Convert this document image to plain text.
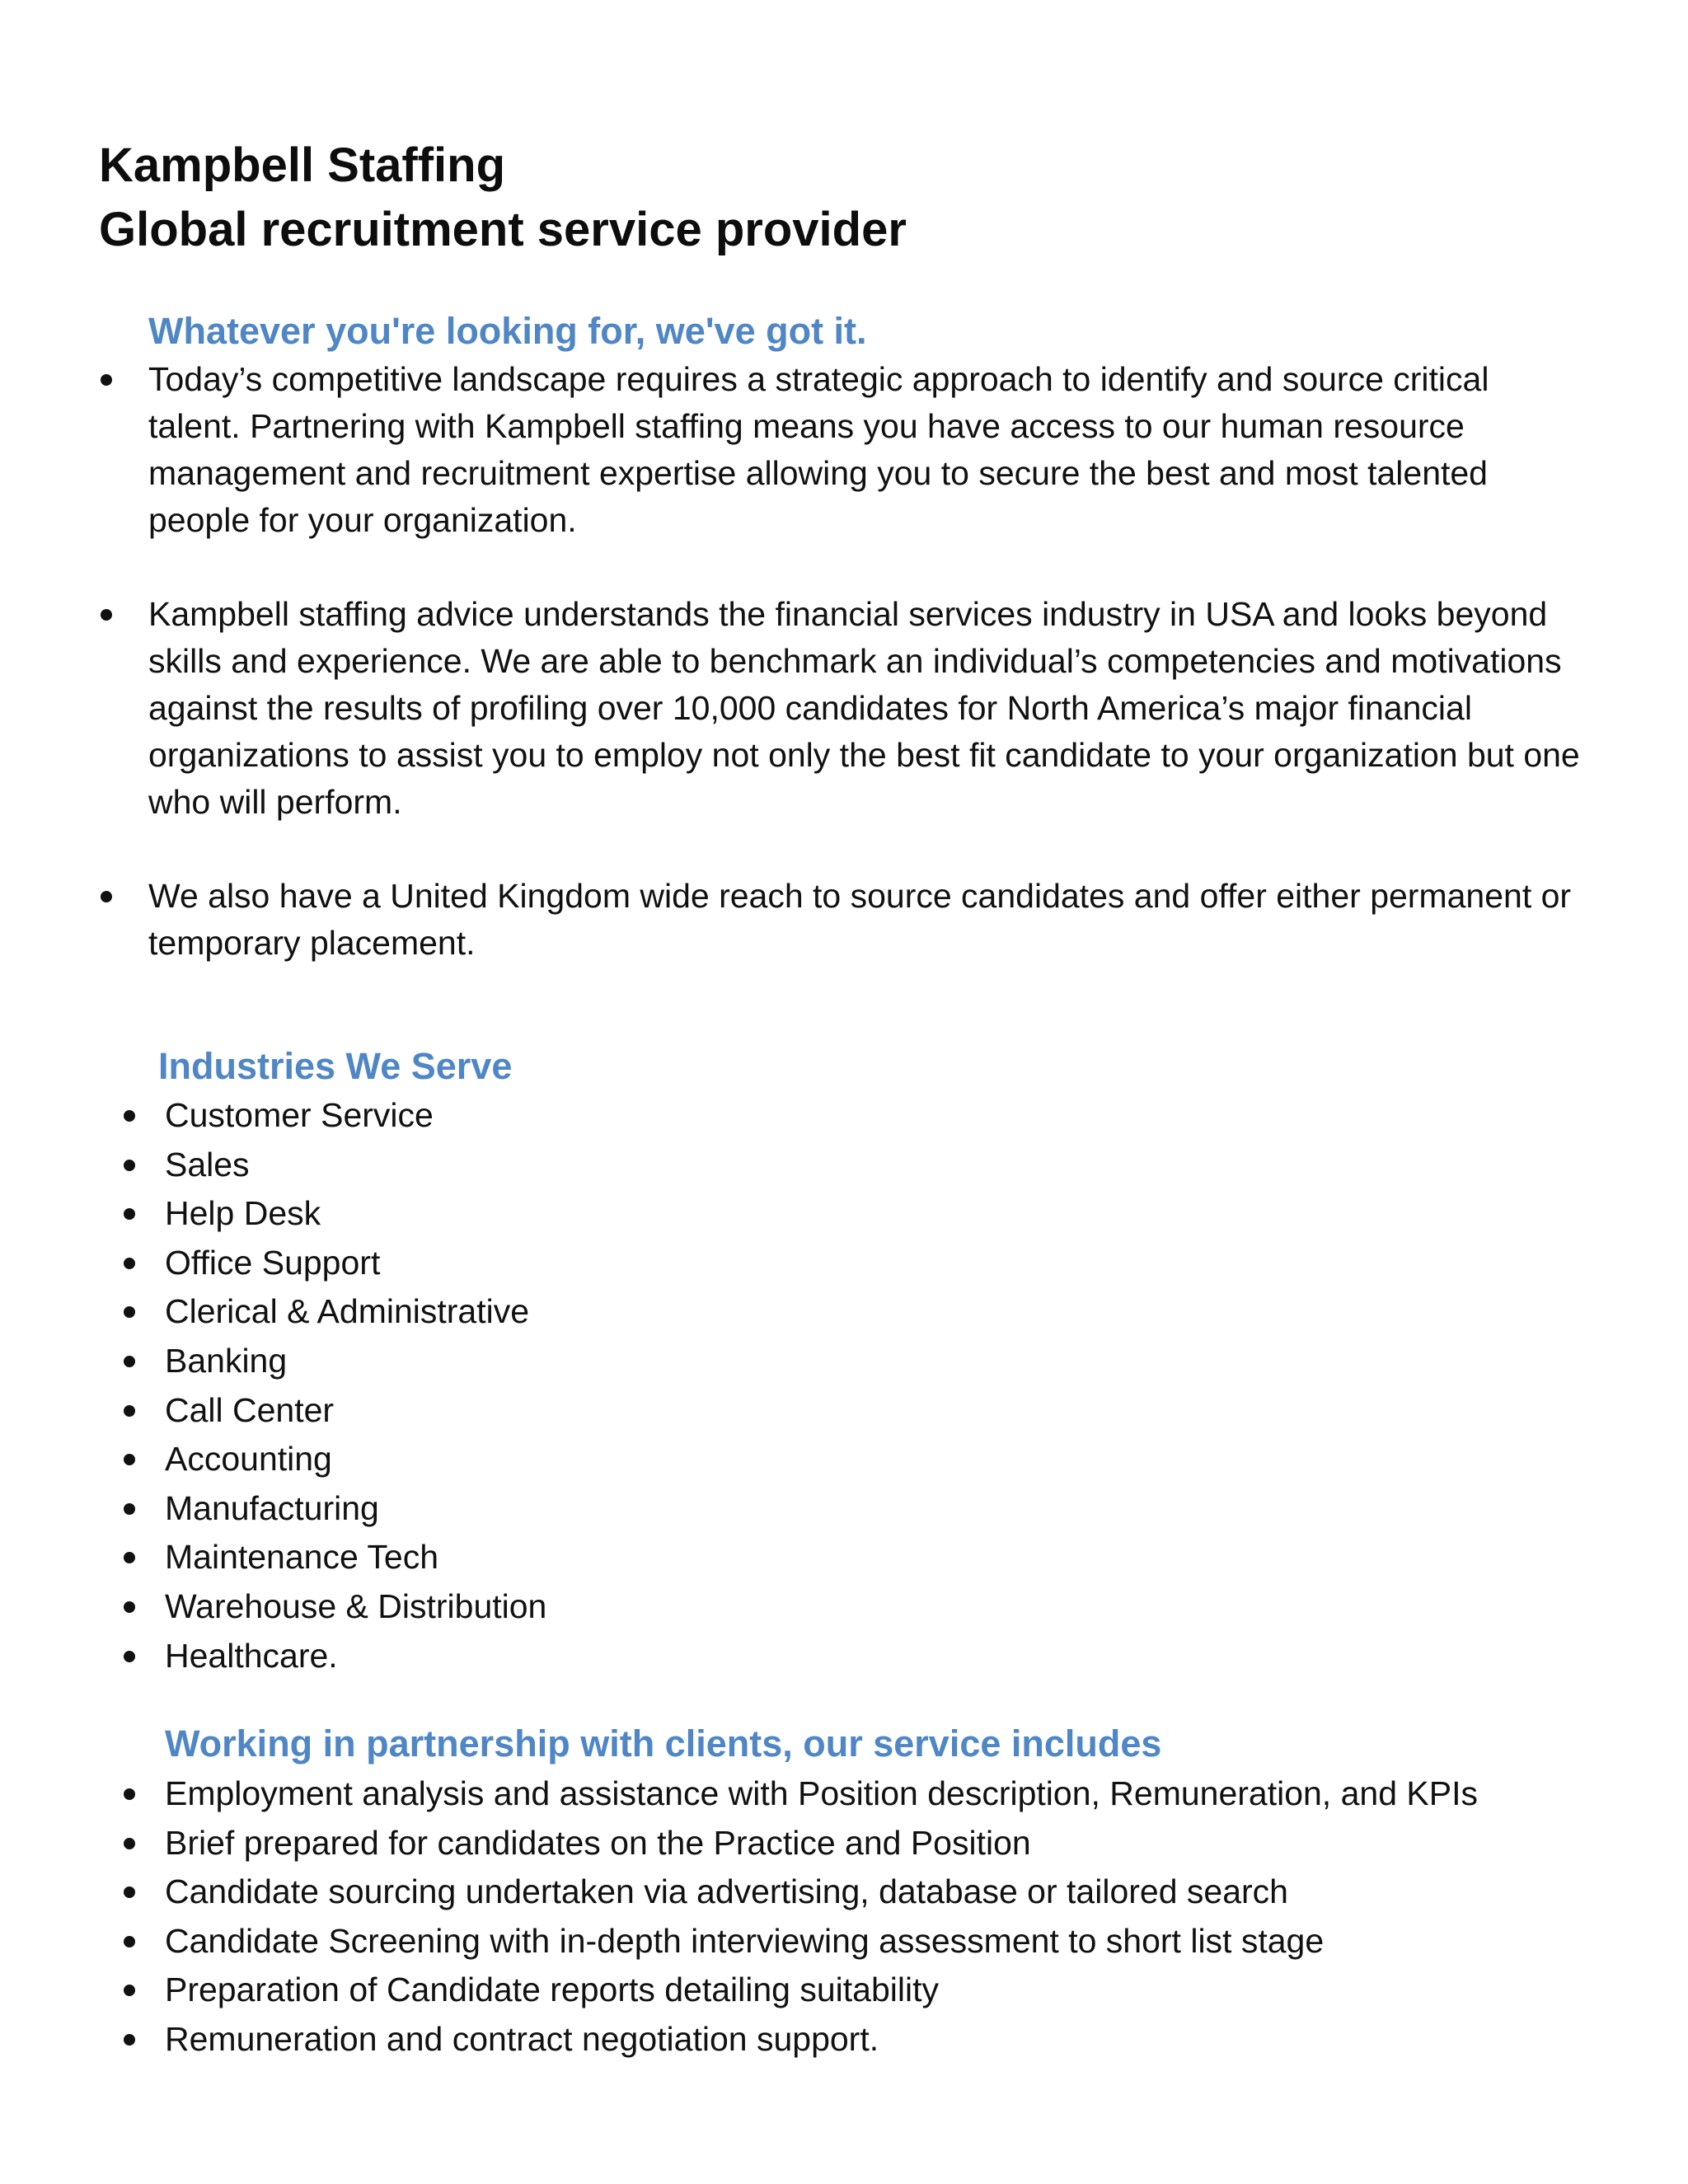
Kampbell Staffing
Global recruitment service provider
Whatever you're looking for, we've got it.
Today’s competitive landscape requires a strategic approach to identify and source critical talent. Partnering with Kampbell staffing means you have access to our human resource management and recruitment expertise allowing you to secure the best and most talented people for your organization.
Kampbell staffing advice understands the financial services industry in USA and looks beyond skills and experience. We are able to benchmark an individual’s competencies and motivations against the results of profiling over 10,000 candidates for North America’s major financial organizations to assist you to employ not only the best fit candidate to your organization but one who will perform.
We also have a United Kingdom wide reach to source candidates and offer either permanent or temporary placement.
Industries We Serve
Customer Service
Sales
Help Desk
Office Support
Clerical & Administrative
Banking
Call Center
Accounting
Manufacturing
Maintenance Tech
Warehouse & Distribution
Healthcare.
Working in partnership with clients, our service includes
Employment analysis and assistance with Position description, Remuneration, and KPIs
Brief prepared for candidates on the Practice and Position
Candidate sourcing undertaken via advertising, database or tailored search
Candidate Screening with in-depth interviewing assessment to short list stage
Preparation of Candidate reports detailing suitability
Remuneration and contract negotiation support.
